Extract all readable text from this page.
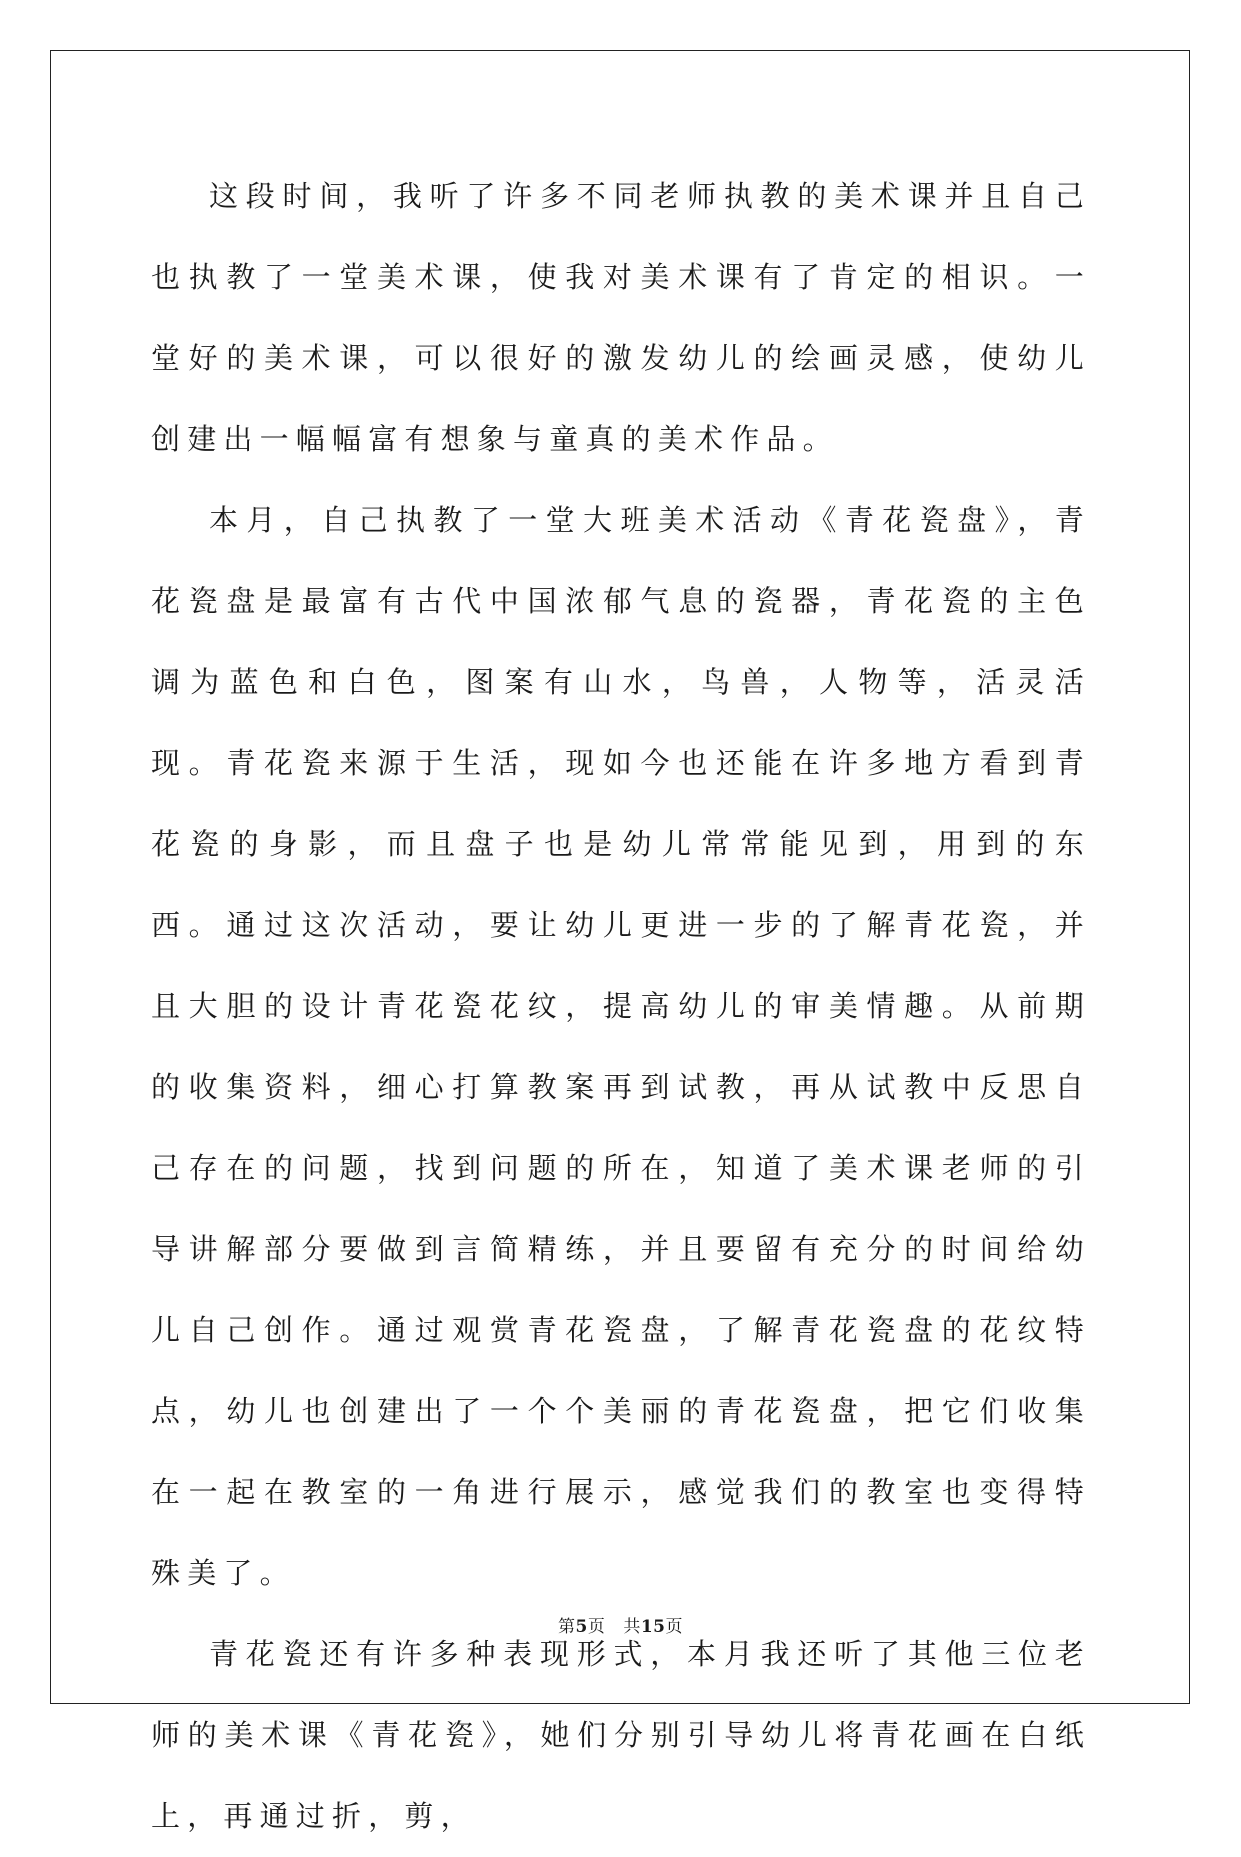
这段时间，我听了许多不同老师执教的美术课并且自己也执教了一堂美术课，使我对美术课有了肯定的相识。一堂好的美术课，可以很好的激发幼儿的绘画灵感，使幼儿创建出一幅幅富有想象与童真的美术作品。

本月，自己执教了一堂大班美术活动《青花瓷盘》，青花瓷盘是最富有古代中国浓郁气息的瓷器，青花瓷的主色调为蓝色和白色，图案有山水，鸟兽，人物等，活灵活现。青花瓷来源于生活，现如今也还能在许多地方看到青花瓷的身影，而且盘子也是幼儿常常能见到，用到的东西。通过这次活动，要让幼儿更进一步的了解青花瓷，并且大胆的设计青花瓷花纹，提高幼儿的审美情趣。从前期的收集资料，细心打算教案再到试教，再从试教中反思自己存在的问题，找到问题的所在，知道了美术课老师的引导讲解部分要做到言简精练，并且要留有充分的时间给幼儿自己创作。通过观赏青花瓷盘，了解青花瓷盘的花纹特点，幼儿也创建出了一个个美丽的青花瓷盘，把它们收集在一起在教室的一角进行展示，感觉我们的教室也变得特殊美了。

青花瓷还有许多种表现形式，本月我还听了其他三位老师的美术课《青花瓷》，她们分别引导幼儿将青花画在白纸上，再通过折，剪，

第5页 共15页
